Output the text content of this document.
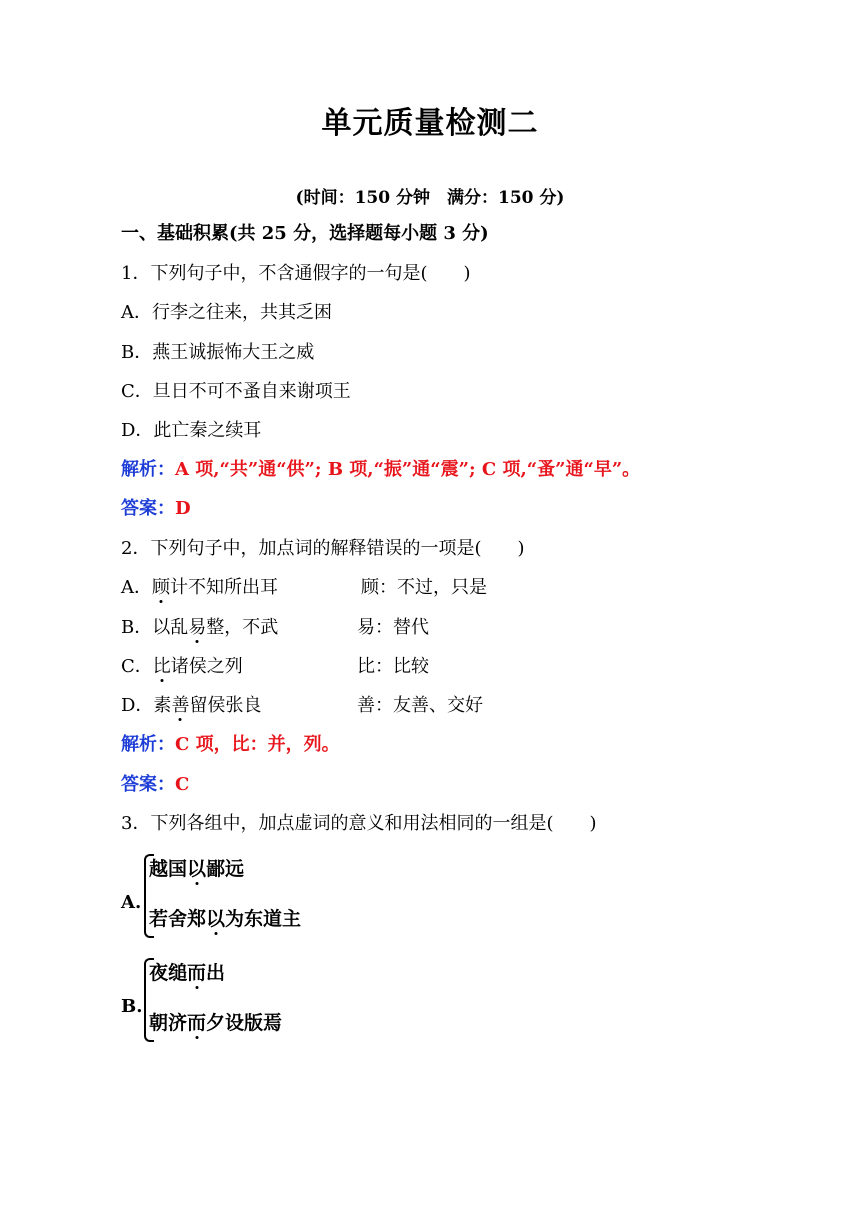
单元质量检测二
(时间：150 分钟　满分：150 分)
一、基础积累(共 25 分，选择题每小题 3 分)
1．下列句子中，不含通假字的一句是(　　)
A．行李之往来，共其乏困
B．燕王诚振怖大王之威
C．旦日不可不蚤自来谢项王
D．此亡秦之续耳
解析：A 项,“共”通“供”; B 项,“振”通“震”; C 项,“蚤”通“早”。
答案：D
2．下列句子中，加点词的解释错误的一项是(　　)
A．顾计不知所出耳	顾：不过，只是
B．以乱易整，不武	易：替代
C．比诸侯之列	比：比较
D．素善留侯张良	善：友善、交好
解析：C 项，比：并，列。
答案：C
3．下列各组中，加点虚词的意义和用法相同的一组是(　　)
A.
越国以鄙远
若舍郑以为东道主
B.
夜缒而出
朝济而夕设版焉
